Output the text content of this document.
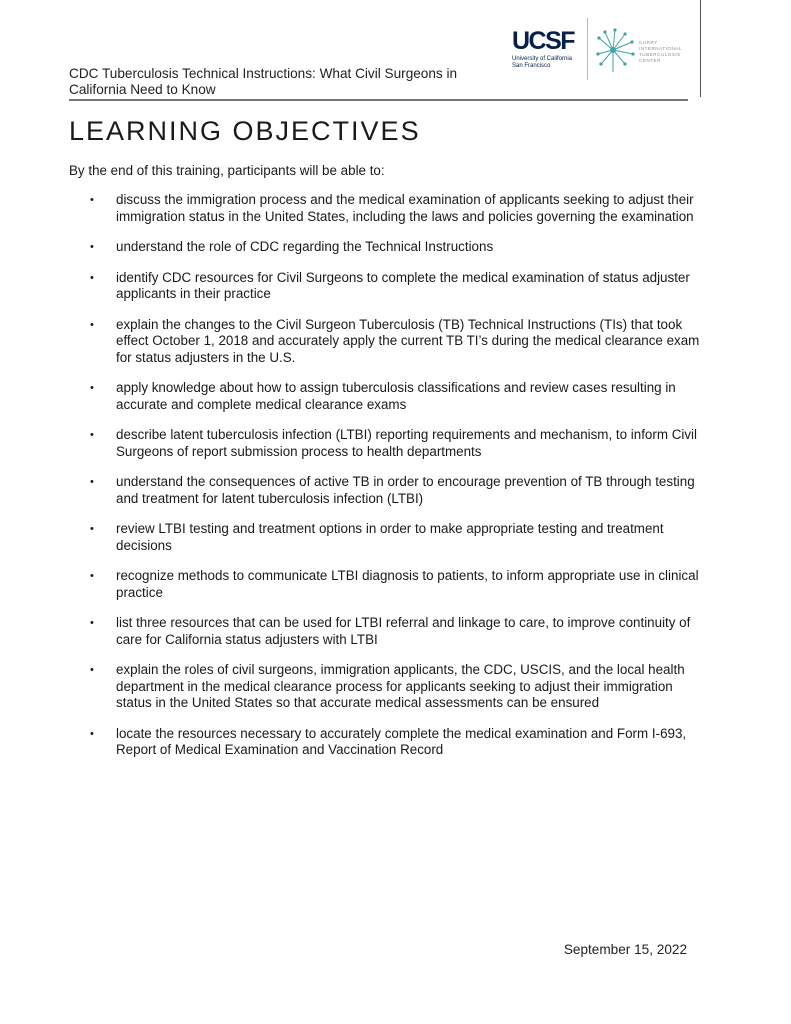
UCSF
University of California San Francisco
CURRY INTERNATIONAL TUBERCULOSIS CENTER
CDC Tuberculosis Technical Instructions: What Civil Surgeons in California Need to Know
LEARNING OBJECTIVES

By the end of this training, participants will be able to:

• discuss the immigration process and the medical examination of applicants seeking to adjust their immigration status in the United States, including the laws and policies governing the examination
• understand the role of CDC regarding the Technical Instructions
• identify CDC resources for Civil Surgeons to complete the medical examination of status adjuster applicants in their practice
• explain the changes to the Civil Surgeon Tuberculosis (TB) Technical Instructions (TIs) that took effect October 1, 2018 and accurately apply the current TB TI’s during the medical clearance exam for status adjusters in the U.S.
• apply knowledge about how to assign tuberculosis classifications and review cases resulting in accurate and complete medical clearance exams
• describe latent tuberculosis infection (LTBI) reporting requirements and mechanism, to inform Civil Surgeons of report submission process to health departments
• understand the consequences of active TB in order to encourage prevention of TB through testing and treatment for latent tuberculosis infection (LTBI)
• review LTBI testing and treatment options in order to make appropriate testing and treatment decisions
• recognize methods to communicate LTBI diagnosis to patients, to inform appropriate use in clinical practice
• list three resources that can be used for LTBI referral and linkage to care, to improve continuity of care for California status adjusters with LTBI
• explain the roles of civil surgeons, immigration applicants, the CDC, USCIS, and the local health department in the medical clearance process for applicants seeking to adjust their immigration status in the United States so that accurate medical assessments can be ensured
• locate the resources necessary to accurately complete the medical examination and Form I-693, Report of Medical Examination and Vaccination Record
September 15, 2022
